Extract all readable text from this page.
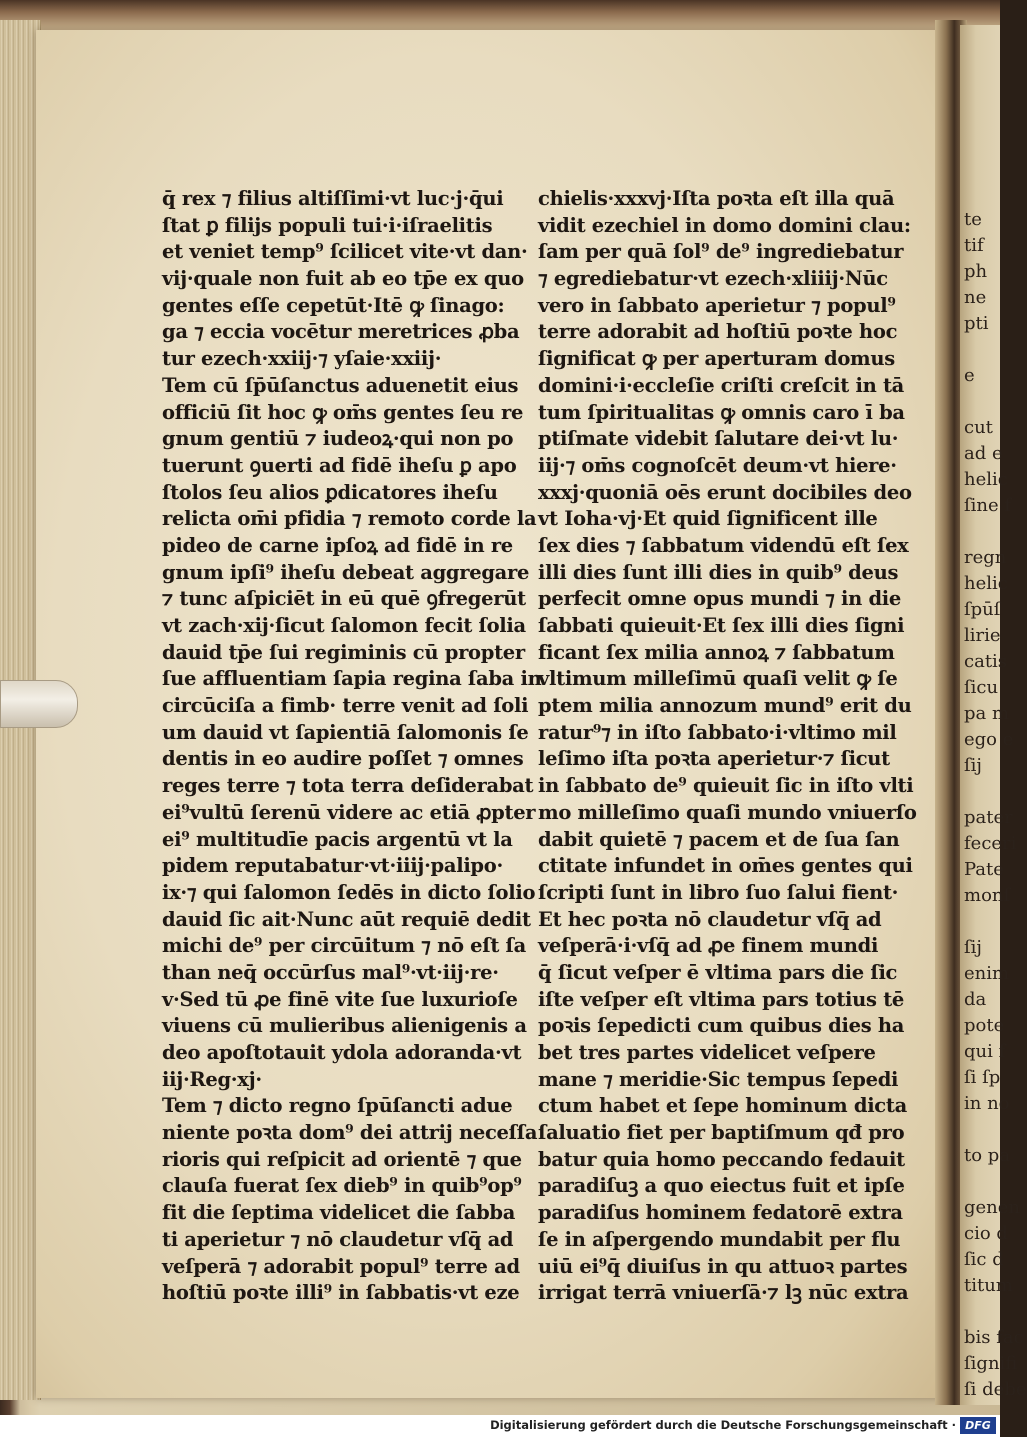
te
tif
ph
ne
pti

e

cut
ad e
helic
ſine f

regn
helic
ſpūſ
lirie
catis
ſicu
pa m
ego e
ſij

pater
feceri
Pate
monſ

ſij
enim
da
pote
qui f
ſi ſp
in no

to pa

genen
cio d
ſic d
titum

bis fac
ſignifi
ſi debe
q̄ rex ⁊ filius altiſſimi·vt luc·j·q̄ui
ſtat ꝑ filijs populi tui·i·iſraelitis
et veniet temp⁹ ſcilicet vite·vt dan·
vij·quale non fuit ab eo tp̄e ex quo
gentes eſſe cepetūt·Itē ꝙ ſinago:
ga ⁊ eccia vocētur meretrices ꝓba
tur ezech·xxiij·⁊ yſaie·xxiij·
Tem cū ſp̄ūſanctus aduenetit eius
officiū ſit hoc ꝙ om̄s gentes ſeu re
gnum gentiū ⁊ iudeoꝝ·qui non po
tuerunt ꝯuerti ad fidē iheſu ꝑ apo
ſtolos ſeu alios ꝑdicatores iheſu
relicta om̄i pfidia ⁊ remoto corde la
pideo de carne ipſoꝝ ad fidē in re
gnum ipſi⁹ iheſu debeat aggregare
⁊ tunc aſpiciēt in eū quē ꝯfregerūt
vt zach·xij·ſicut ſalomon fecit ſolia
dauid tp̄e ſui regiminis cū propter
ſue affluentiam ſapia regina ſaba in
circūciſa a fimb· terre venit ad ſoli
um dauid vt ſapientiā ſalomonis ſe
dentis in eo audire poſſet ⁊ omnes
reges terre ⁊ tota terra deſiderabat
ei⁹vultū ſerenū videre ac etiā ꝓpter
ei⁹ multitudīe pacis argentū vt la
pidem reputabatur·vt·iiij·palipo·
ix·⁊ qui ſalomon ſedēs in dicto ſolio
dauid ſic ait·Nunc aūt requiē dedit
michi de⁹ per circūitum ⁊ nō eſt ſa
than neq̄ occūrſus mal⁹·vt·iij·re·
v·Sed tū ꝓe finē vite ſue luxurioſe
viuens cū mulieribus alienigenis a
deo apoſtotauit ydola adoranda·vt
iij·Reg·xj·
Tem ⁊ dicto regno ſpūſancti adue
niente poꝛta dom⁹ dei attrij neceſſa
rioris qui reſpicit ad orientē ⁊ que
clauſa fuerat ſex dieb⁹ in quib⁹op⁹
fit die ſeptima videlicet die ſabba
ti aperietur ⁊ nō claudetur vſq̄ ad
veſperā ⁊ adorabit popul⁹ terre ad
hoſtiū poꝛte illi⁹ in ſabbatis·vt eze
chielis·xxxvj·Iſta poꝛta eſt illa quā
vidit ezechiel in domo domini clau:
ſam per quā ſol⁹ de⁹ ingrediebatur
⁊ egrediebatur·vt ezech·xliiij·Nūc
vero in ſabbato aperietur ⁊ popul⁹
terre adorabit ad hoſtiū poꝛte hoc
ſignificat ꝙ per aperturam domus
domini·i·eccleſie criſti creſcit in tā
tum ſpiritualitas ꝙ omnis caro ī ba
ptiſmate videbit ſalutare dei·vt lu·
iij·⁊ om̄s cognoſcēt deum·vt hiere·
xxxj·quoniā oēs erunt docibiles deo
vt Ioha·vj·Et quid ſignificent ille
ſex dies ⁊ ſabbatum videndū eſt ſex
illi dies ſunt illi dies in quib⁹ deus
perfecit omne opus mundi ⁊ in die
ſabbati quieuit·Et ſex illi dies ſigni
ficant ſex milia annoꝝ ⁊ ſabbatum
vltimum milleſimū quaſi velit ꝙ ſe
ptem milia annozum mund⁹ erit du
ratur⁹⁊ in iſto ſabbato·i·vltimo mil
leſimo iſta poꝛta aperietur·⁊ ſicut
in ſabbato de⁹ quieuit ſic in iſto vlti
mo milleſimo quaſi mundo vniuerſo
dabit quietē ⁊ pacem et de ſua ſan
ctitate infundet in om̄es gentes qui
ſcripti ſunt in libro ſuo ſalui fient·
Et hec poꝛta nō claudetur vſq̄ ad
veſperā·i·vſq̄ ad ꝓe finem mundi
q̄ ſicut veſper ē vltima pars die ſic
iſte veſper eſt vltima pars totius tē
poꝛis ſepedicti cum quibus dies ha
bet tres partes videlicet veſpere
mane ⁊ meridie·Sic tempus ſepedi
ctum habet et ſepe hominum dicta
ſaluatio fiet per baptiſmum qđ pro
batur quia homo peccando fedauit
paradiſuꝫ a quo eiectus fuit et ipſe
paradiſus hominem fedatorē extra
ſe in aſpergendo mundabit per flu
uiū ei⁹q̄ diuiſus in qu attuoꝛ partes
irrigat terrā vniuerſā·⁊ lꝫ nūc extra
Digitalisierung gefördert durch die Deutsche Forschungsgemeinschaft · DFG
